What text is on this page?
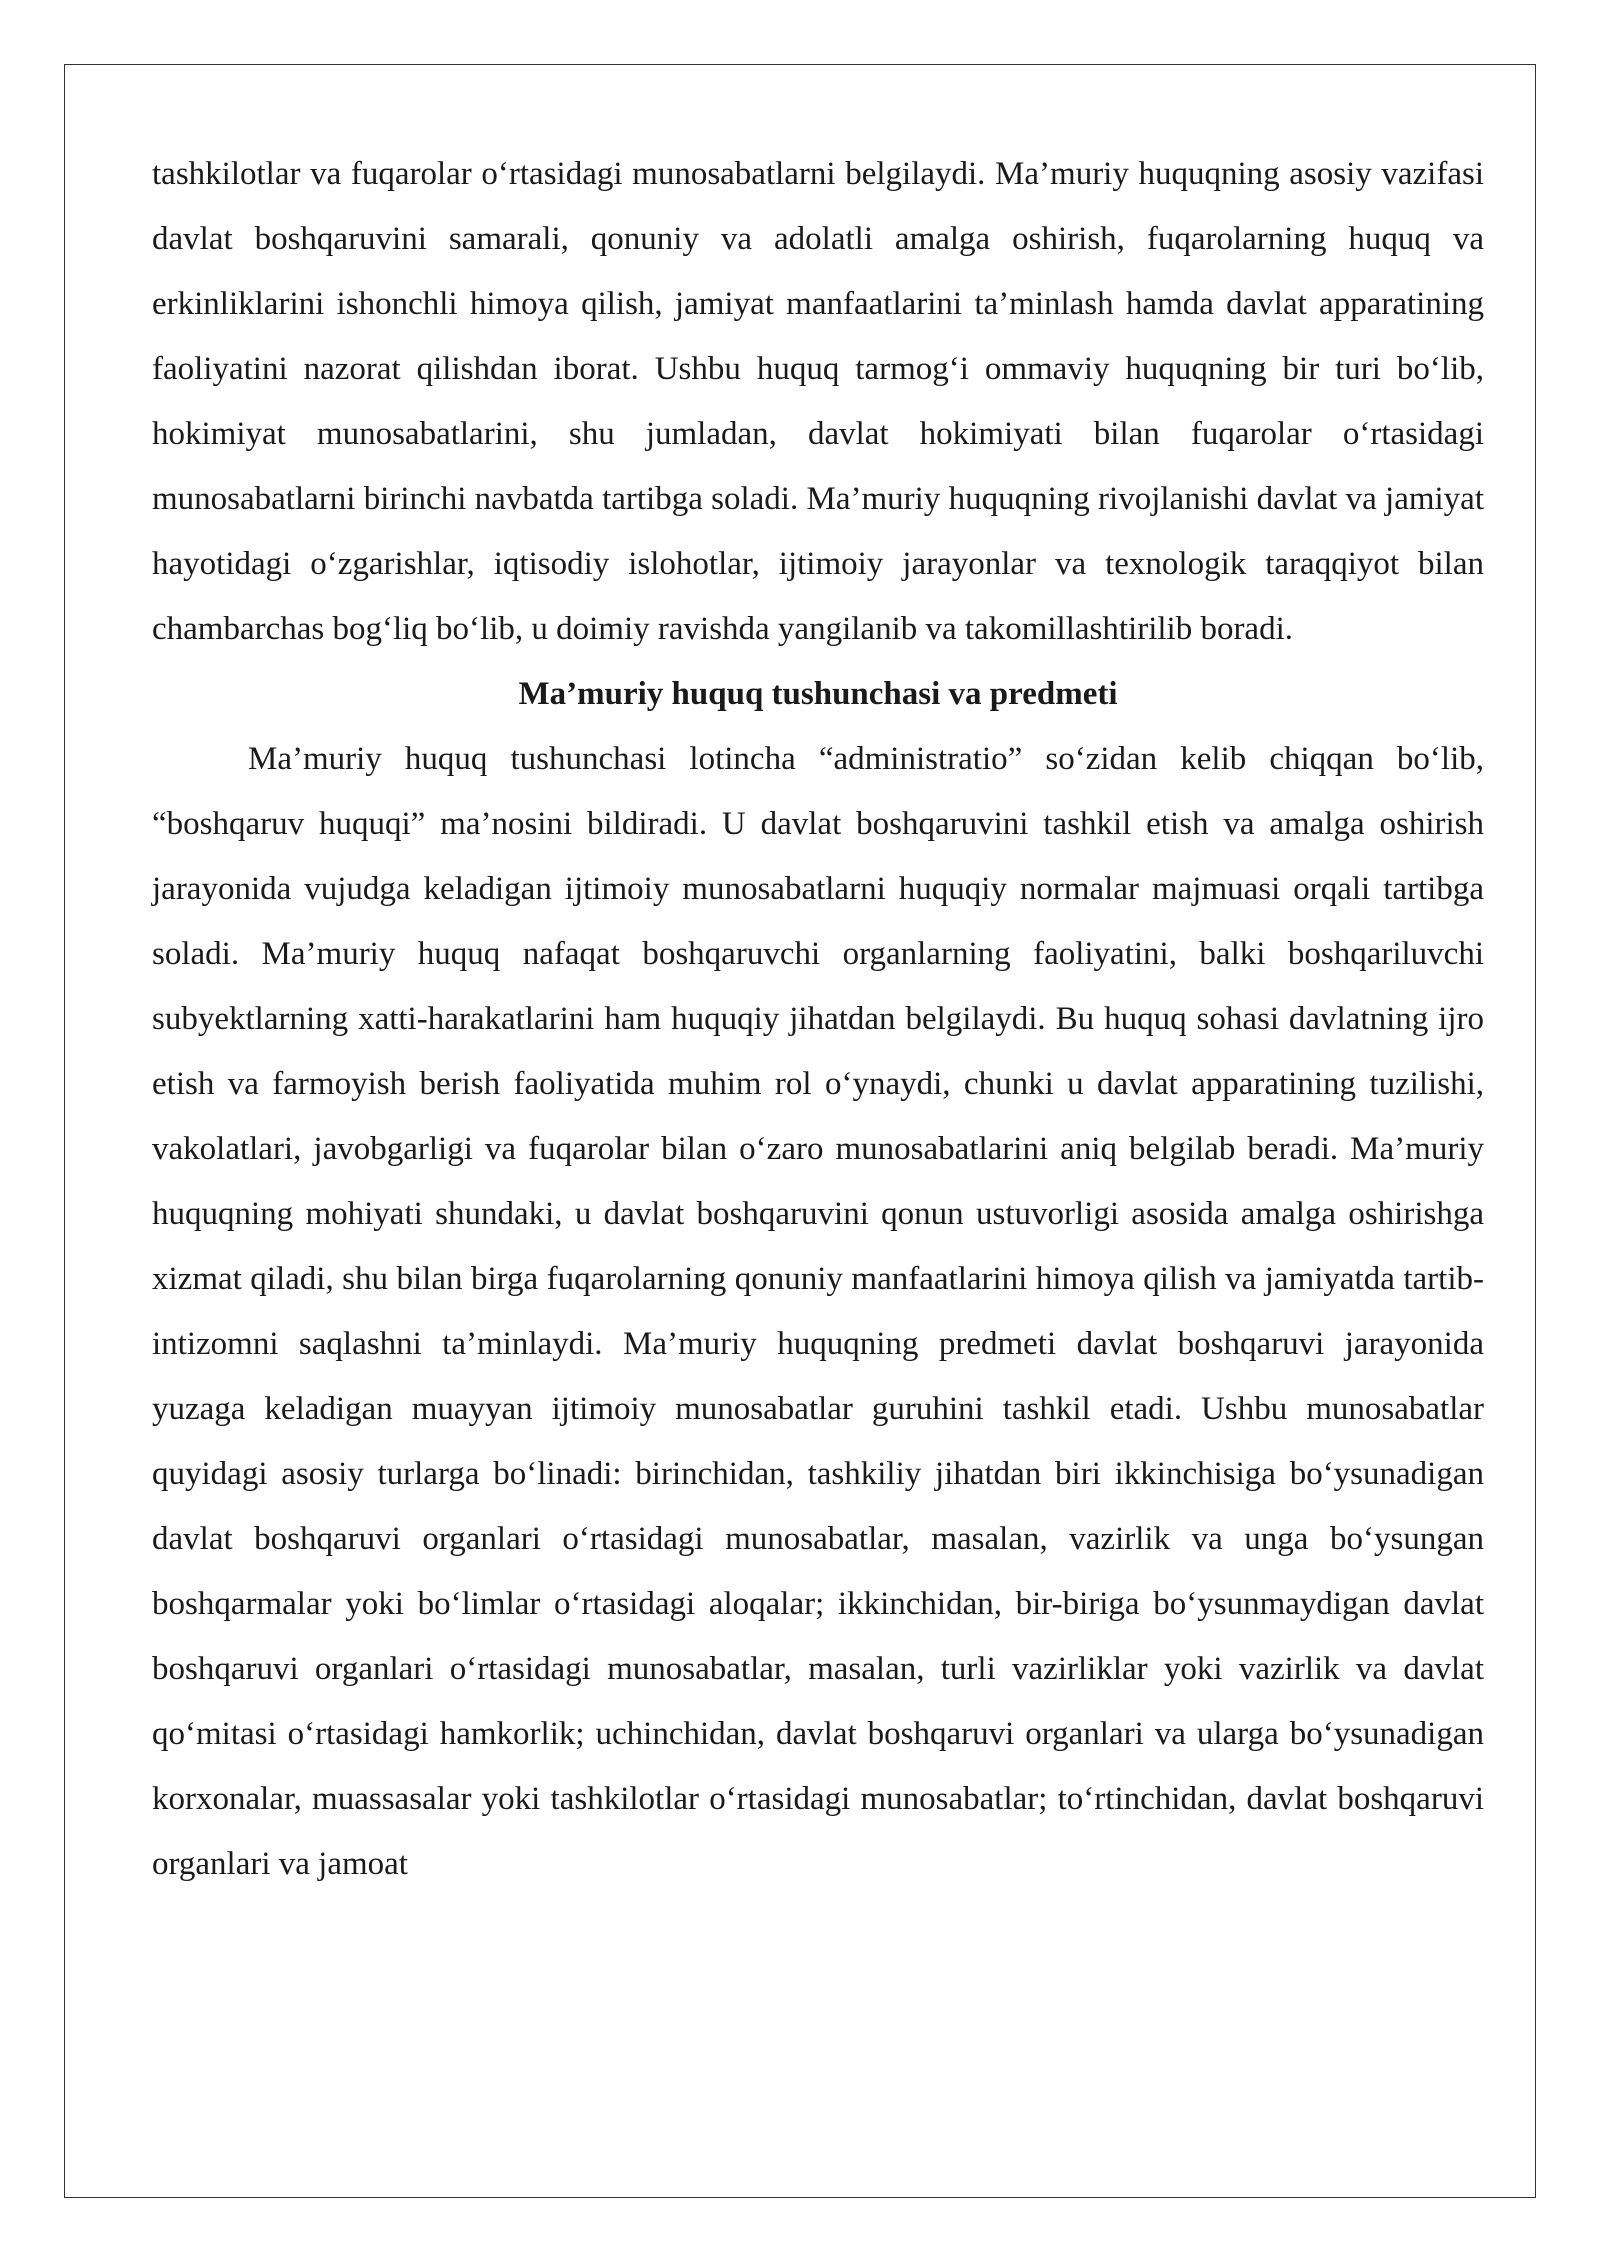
tashkilotlar va fuqarolar o‘rtasidagi munosabatlarni belgilaydi. Ma’muriy huquqning asosiy vazifasi davlat boshqaruvini samarali, qonuniy va adolatli amalga oshirish, fuqarolarning huquq va erkinliklarini ishonchli himoya qilish, jamiyat manfaatlarini ta’minlash hamda davlat apparatining faoliyatini nazorat qilishdan iborat. Ushbu huquq tarmog‘i ommaviy huquqning bir turi bo‘lib, hokimiyat munosabatlarini, shu jumladan, davlat hokimiyati bilan fuqarolar o‘rtasidagi munosabatlarni birinchi navbatda tartibga soladi. Ma’muriy huquqning rivojlanishi davlat va jamiyat hayotidagi o‘zgarishlar, iqtisodiy islohotlar, ijtimoiy jarayonlar va texnologik taraqqiyot bilan chambarchas bog‘liq bo‘lib, u doimiy ravishda yangilanib va takomillashtirilib boradi.

Ma’muriy huquq tushunchasi va predmeti

Ma’muriy huquq tushunchasi lotincha “administratio” so‘zidan kelib chiqqan bo‘lib, “boshqaruv huquqi” ma’nosini bildiradi. U davlat boshqaruvini tashkil etish va amalga oshirish jarayonida vujudga keladigan ijtimoiy munosabatlarni huquqiy normalar majmuasi orqali tartibga soladi. Ma’muriy huquq nafaqat boshqaruvchi organlarning faoliyatini, balki boshqariluvchi subyektlarning xatti-harakatlarini ham huquqiy jihatdan belgilaydi. Bu huquq sohasi davlatning ijro etish va farmoyish berish faoliyatida muhim rol o‘ynaydi, chunki u davlat apparatining tuzilishi, vakolatlari, javobgarligi va fuqarolar bilan o‘zaro munosabatlarini aniq belgilab beradi. Ma’muriy huquqning mohiyati shundaki, u davlat boshqaruvini qonun ustuvorligi asosida amalga oshirishga xizmat qiladi, shu bilan birga fuqarolarning qonuniy manfaatlarini himoya qilish va jamiyatda tartib-intizomni saqlashni ta’minlaydi. Ma’muriy huquqning predmeti davlat boshqaruvi jarayonida yuzaga keladigan muayyan ijtimoiy munosabatlar guruhini tashkil etadi. Ushbu munosabatlar quyidagi asosiy turlarga bo‘linadi: birinchidan, tashkiliy jihatdan biri ikkinchisiga bo‘ysunadigan davlat boshqaruvi organlari o‘rtasidagi munosabatlar, masalan, vazirlik va unga bo‘ysungan boshqarmalar yoki bo‘limlar o‘rtasidagi aloqalar; ikkinchidan, bir-biriga bo‘ysunmaydigan davlat boshqaruvi organlari o‘rtasidagi munosabatlar, masalan, turli vazirliklar yoki vazirlik va davlat qo‘mitasi o‘rtasidagi hamkorlik; uchinchidan, davlat boshqaruvi organlari va ularga bo‘ysunadigan korxonalar, muassasalar yoki tashkilotlar o‘rtasidagi munosabatlar; to‘rtinchidan, davlat boshqaruvi organlari va jamoat
